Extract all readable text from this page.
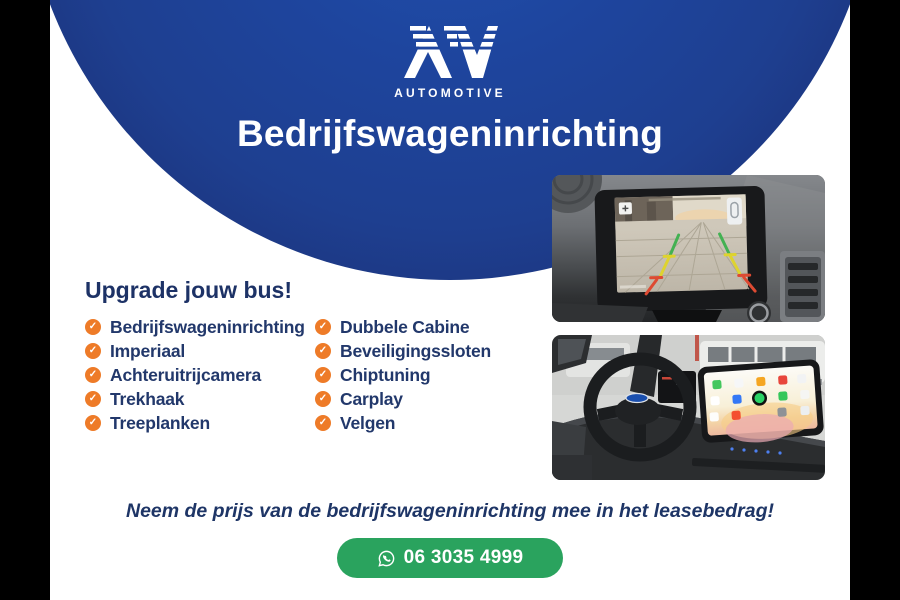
AUTOMOTIVE
Bedrijfswageninrichting
Upgrade jouw bus!
✓ Bedrijfswageninrichting
✓ Imperiaal
✓ Achteruitrijcamera
✓ Trekhaak
✓ Treeplanken
✓ Dubbele Cabine
✓ Beveiligingssloten
✓ Chiptuning
✓ Carplay
✓ Velgen

Neem de prijs van de bedrijfswageninrichting mee in het leasebedrag!

06 3035 4999
